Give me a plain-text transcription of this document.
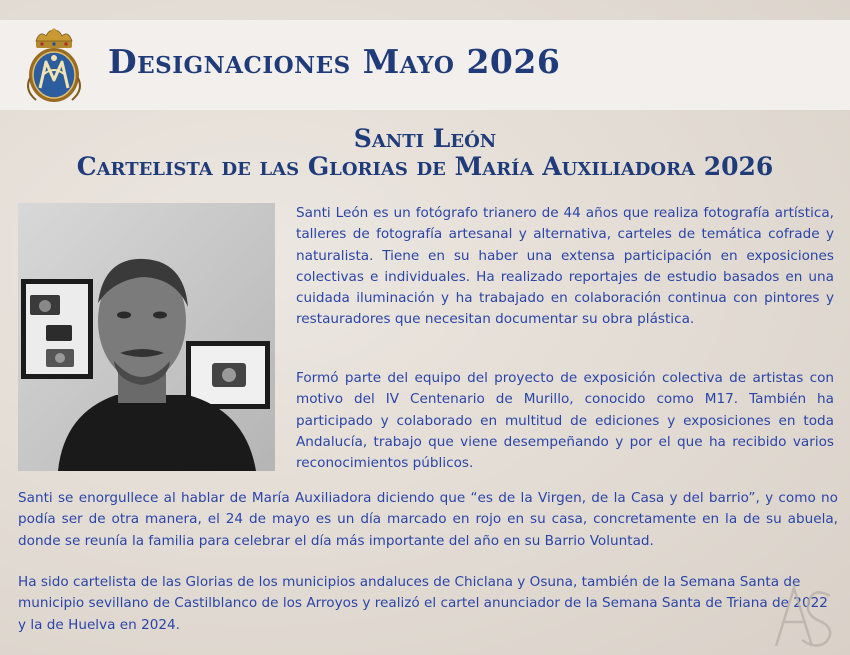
Designaciones Mayo 2026
Santi León
Cartelista de las Glorias de María Auxiliadora 2026

Santi León es un fotógrafo trianero de 44 años que realiza fotografía artística, talleres de fotografía artesanal y alternativa, carteles de temática cofrade y naturalista. Tiene en su haber una extensa participación en exposiciones colectivas e individuales. Ha realizado reportajes de estudio basados en una cuidada iluminación y ha trabajado en colaboración continua con pintores y restauradores que necesitan documentar su obra plástica.

Formó parte del equipo del proyecto de exposición colectiva de artistas con motivo del IV Centenario de Murillo, conocido como M17. También ha participado y colaborado en multitud de ediciones y exposiciones en toda Andalucía, trabajo que viene desempeñando y por el que ha recibido varios reconocimientos públicos.

Santi se enorgullece al hablar de María Auxiliadora diciendo que “es de la Virgen, de la Casa y del barrio”, y como no podía ser de otra manera, el 24 de mayo es un día marcado en rojo en su casa, concretamente en la de su abuela, donde se reunía la familia para celebrar el día más importante del año en su Barrio Voluntad.

Ha sido cartelista de las Glorias de los municipios andaluces de Chiclana y Osuna, también de la Semana Santa de municipio sevillano de Castilblanco de los Arroyos y realizó el cartel anunciador de la Semana Santa de Triana de 2022 y la de Huelva en 2024.
